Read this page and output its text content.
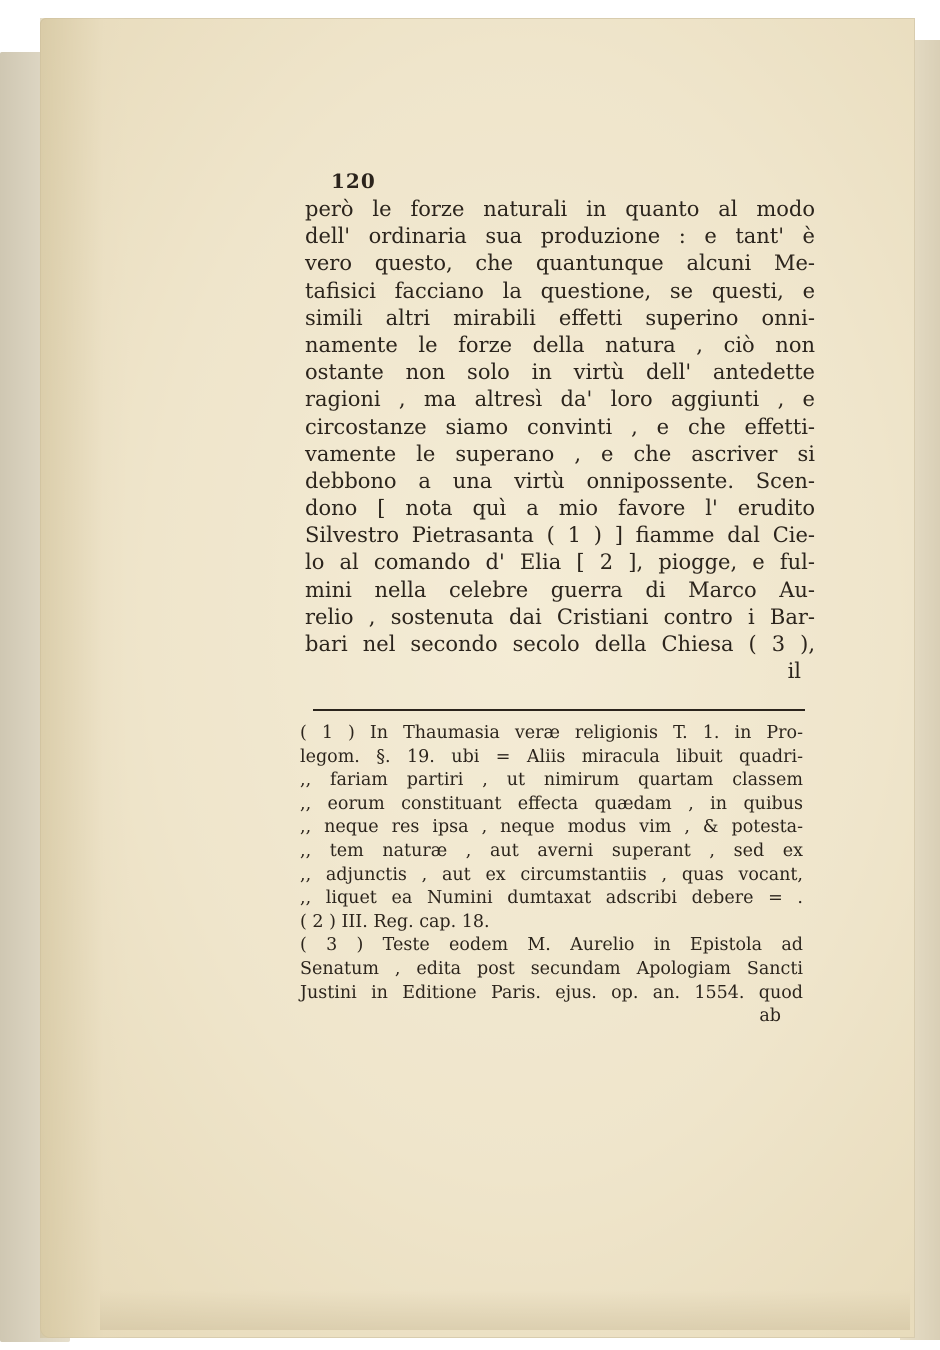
120
però le forze naturali in quanto al modo
dell' ordinaria sua produzione : e tant' è
vero questo, che quantunque alcuni Me-
tafisici facciano la questione, se questi, e
simili altri mirabili effetti superino onni-
namente le forze della natura , ciò non
ostante non solo in virtù dell' antedette
ragioni , ma altresì da' loro aggiunti , e
circostanze siamo convinti , e che effetti-
vamente le superano , e che ascriver si
debbono a una virtù onnipossente. Scen-
dono [ nota quì a mio favore l' erudito
Silvestro Pietrasanta ( 1 ) ] fiamme dal Cie-
lo al comando d' Elia [ 2 ], piogge, e ful-
mini nella celebre guerra di Marco Au-
relio , sostenuta dai Cristiani contro i Bar-
bari nel secondo secolo della Chiesa ( 3 ),
il
( 1 ) In Thaumasia veræ religionis T. 1. in Pro-
legom. §. 19. ubi = Aliis miracula libuit quadri-
,, fariam partiri , ut nimirum quartam classem
,, eorum constituant effecta quædam , in quibus
,, neque res ipsa , neque modus vim , & potesta-
,, tem naturæ , aut averni superant , sed ex
,, adjunctis , aut ex circumstantiis , quas vocant,
,, liquet ea Numini dumtaxat adscribi debere = .
( 2 ) III. Reg. cap. 18.
( 3 ) Teste eodem M. Aurelio in Epistola ad
Senatum , edita post secundam Apologiam Sancti
Justini in Editione Paris. ejus. op. an. 1554. quod
ab
